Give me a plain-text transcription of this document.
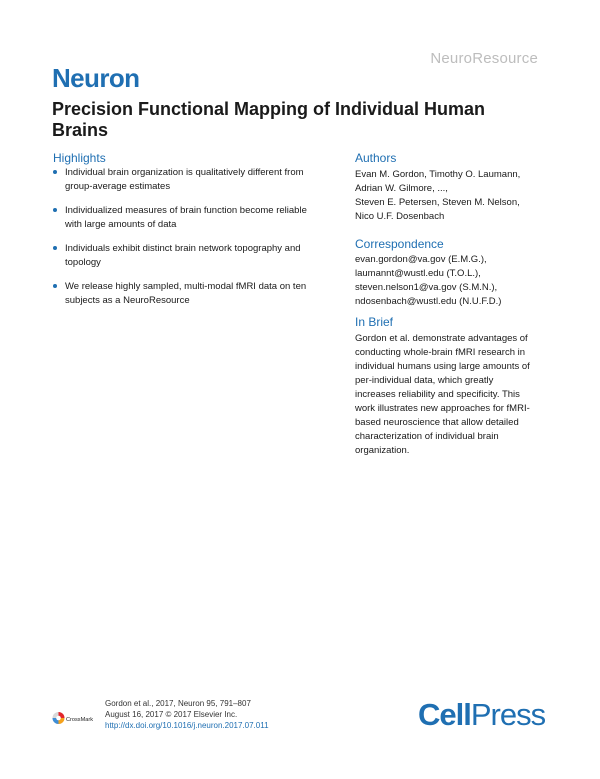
NeuroResource
Neuron
Precision Functional Mapping of Individual Human Brains
Highlights
Individual brain organization is qualitatively different from
group-average estimates
Individualized measures of brain function become reliable
with large amounts of data
Individuals exhibit distinct brain network topography and
topology
We release highly sampled, multi-modal fMRI data on ten
subjects as a NeuroResource
Authors
Evan M. Gordon, Timothy O. Laumann,
Adrian W. Gilmore, ...,
Steven E. Petersen, Steven M. Nelson,
Nico U.F. Dosenbach
Correspondence
evan.gordon@va.gov (E.M.G.),
laumannt@wustl.edu (T.O.L.),
steven.nelson1@va.gov (S.M.N.),
ndosenbach@wustl.edu (N.U.F.D.)
In Brief
Gordon et al. demonstrate advantages of
conducting whole-brain fMRI research in
individual humans using large amounts of
per-individual data, which greatly
increases reliability and specificity. This
work illustrates new approaches for fMRI-
based neuroscience that allow detailed
characterization of individual brain
organization.
CrossMark
Gordon et al., 2017, Neuron 95, 791–807
August 16, 2017 © 2017 Elsevier Inc.
http://dx.doi.org/10.1016/j.neuron.2017.07.011	CellPress
